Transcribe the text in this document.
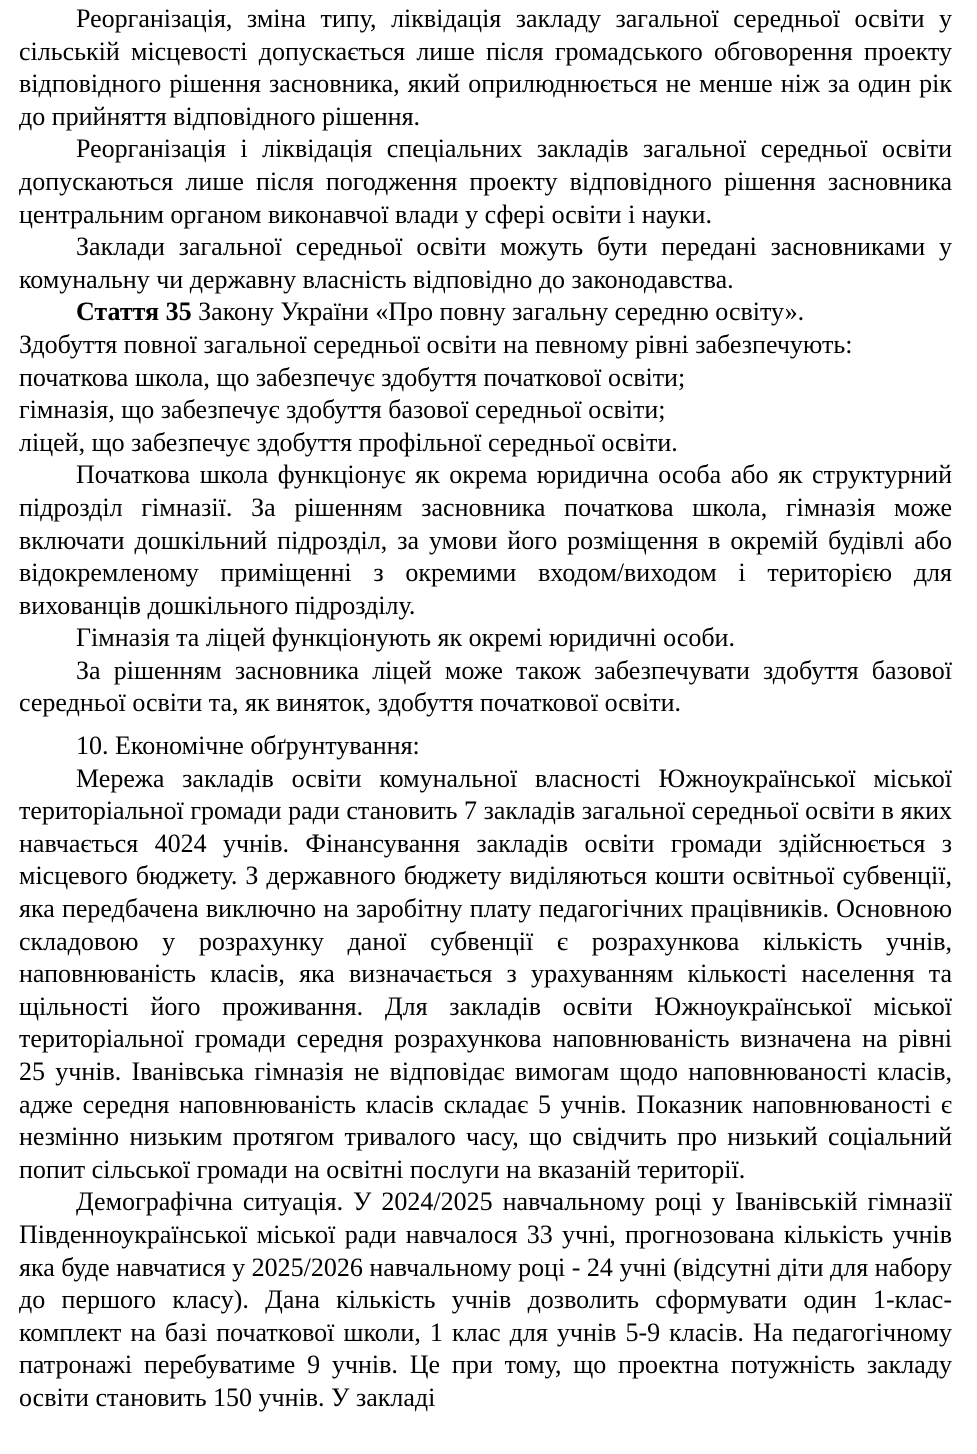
Реорганізація, зміна типу, ліквідація закладу загальної середньої освіти у сільській місцевості допускається лише після громадського обговорення проекту відповідного рішення засновника, який оприлюднюється не менше ніж за один рік до прийняття відповідного рішення.

Реорганізація і ліквідація спеціальних закладів загальної середньої освіти допускаються лише після погодження проекту відповідного рішення засновника центральним органом виконавчої влади у сфері освіти і науки.

Заклади загальної середньої освіти можуть бути передані засновниками у комунальну чи державну власність відповідно до законодавства.

Стаття 35 Закону України «Про повну загальну середню освіту».

Здобуття повної загальної середньої освіти на певному рівні забезпечують:

початкова школа, що забезпечує здобуття початкової освіти;

гімназія, що забезпечує здобуття базової середньої освіти;

ліцей, що забезпечує здобуття профільної середньої освіти.

Початкова школа функціонує як окрема юридична особа або як структурний підрозділ гімназії. За рішенням засновника початкова школа, гімназія може включати дошкільний підрозділ, за умови його розміщення в окремій будівлі або відокремленому приміщенні з окремими входом/виходом і територією для вихованців дошкільного підрозділу.

Гімназія та ліцей функціонують як окремі юридичні особи.

За рішенням засновника ліцей може також забезпечувати здобуття базової середньої освіти та, як виняток, здобуття початкової освіти.

10. Економічне обґрунтування:

Мережа закладів освіти комунальної власності Южноукраїнської міської територіальної громади ради становить 7 закладів загальної середньої освіти в яких навчається 4024 учнів. Фінансування закладів освіти громади здійснюється з місцевого бюджету. З державного бюджету виділяються кошти освітньої субвенції, яка передбачена виключно на заробітну плату педагогічних працівників. Основною складовою у розрахунку даної субвенції є розрахункова кількість учнів, наповнюваність класів, яка визначається з урахуванням кількості населення та щільності його проживання. Для закладів освіти Южноукраїнської міської територіальної громади середня розрахункова наповнюваність визначена на рівні 25 учнів. Іванівська гімназія не відповідає вимогам щодо наповнюваності класів, адже середня наповнюваність класів складає 5 учнів. Показник наповнюваності є незмінно низьким протягом тривалого часу, що свідчить про низький соціальний попит сільської громади на освітні послуги на вказаній території.

Демографічна ситуація. У 2024/2025 навчальному році у Іванівській гімназії Південноукраїнської міської ради навчалося 33 учні, прогнозована кількість учнів яка буде навчатися у 2025/2026 навчальному році - 24 учні (відсутні діти для набору до першого класу). Дана кількість учнів дозволить сформувати один 1-клас- комплект на базі початкової школи, 1 клас для учнів 5-9 класів. На педагогічному патронажі перебуватиме 9 учнів. Це при тому, що проектна потужність закладу освіти становить 150 учнів. У закладі
